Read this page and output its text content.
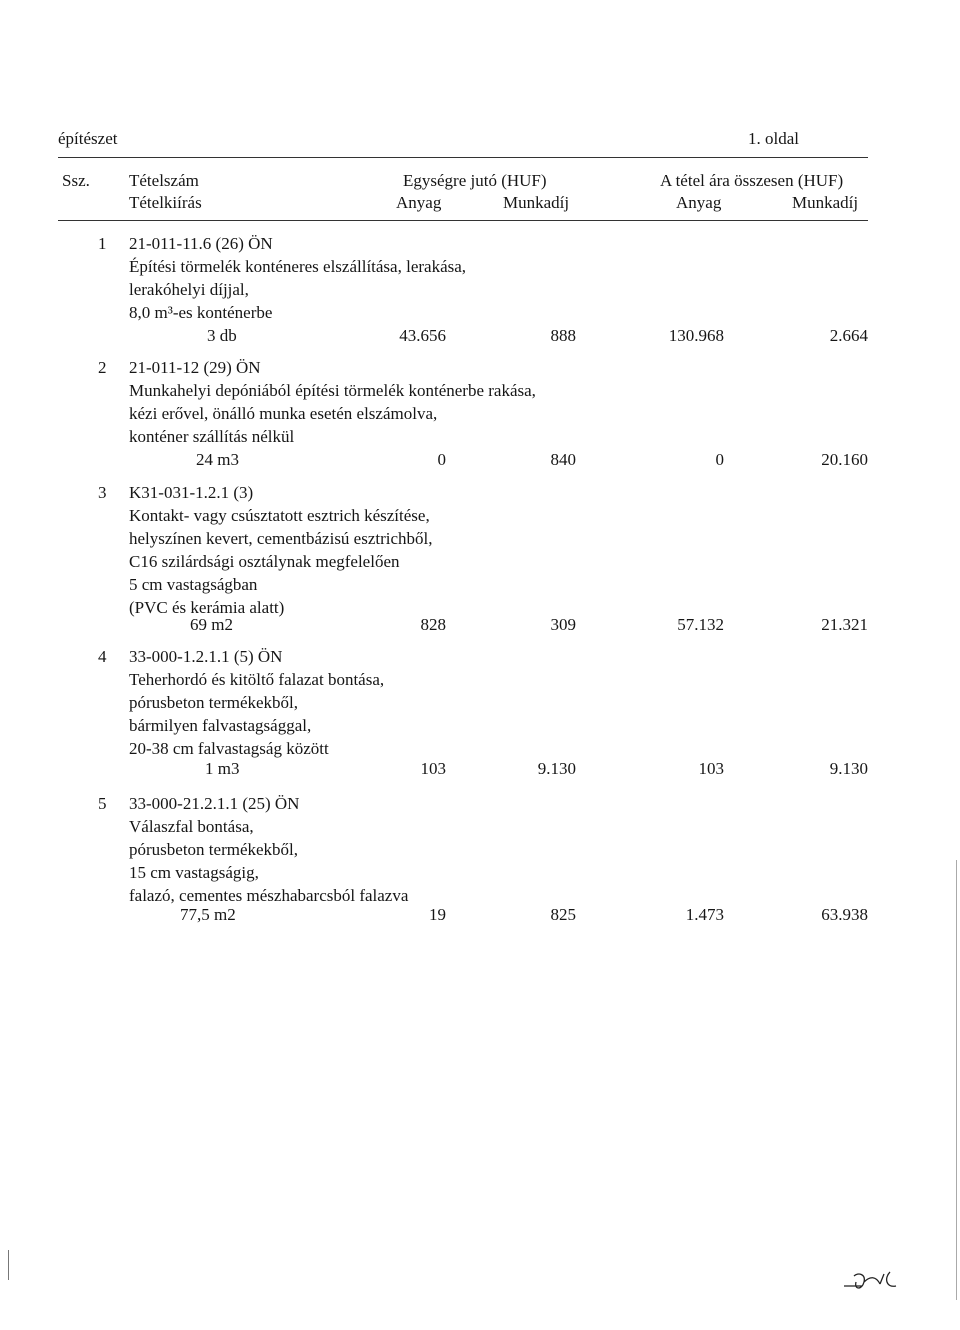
építészet	1. oldal
Ssz. Tételszám
Tételkiírás
Egységre jutó (HUF)	A tétel ára összesen (HUF)
Anyag	Munkadíj	Anyag	Munkadíj
1 21-011-11.6 (26) ÖN
Építési törmelék konténeres elszállítása, lerakása,
lerakóhelyi díjjal,
8,0 m³-es konténerbe
3 db	43.656	888	130.968	2.664
2 21-011-12 (29) ÖN
Munkahelyi depóniából építési törmelék konténerbe rakása,
kézi erővel, önálló munka esetén elszámolva,
konténer szállítás nélkül
24 m3	0	840	0	20.160
3 K31-031-1.2.1 (3)
Kontakt- vagy csúsztatott esztrich készítése,
helyszínen kevert, cementbázisú esztrichből,
C16 szilárdsági osztálynak megfelelően
5 cm vastagságban
(PVC és kerámia alatt)
69 m2	828	309	57.132	21.321
4 33-000-1.2.1.1 (5) ÖN
Teherhordó és kitöltő falazat bontása,
pórusbeton termékekből,
bármilyen falvastagsággal,
20-38 cm falvastagság között
1 m3	103	9.130	103	9.130
5 33-000-21.2.1.1 (25) ÖN
Válaszfal bontása,
pórusbeton termékekből,
15 cm vastagságig,
falazó, cementes mészhabarcsból falazva
77,5 m2	19	825	1.473	63.938
